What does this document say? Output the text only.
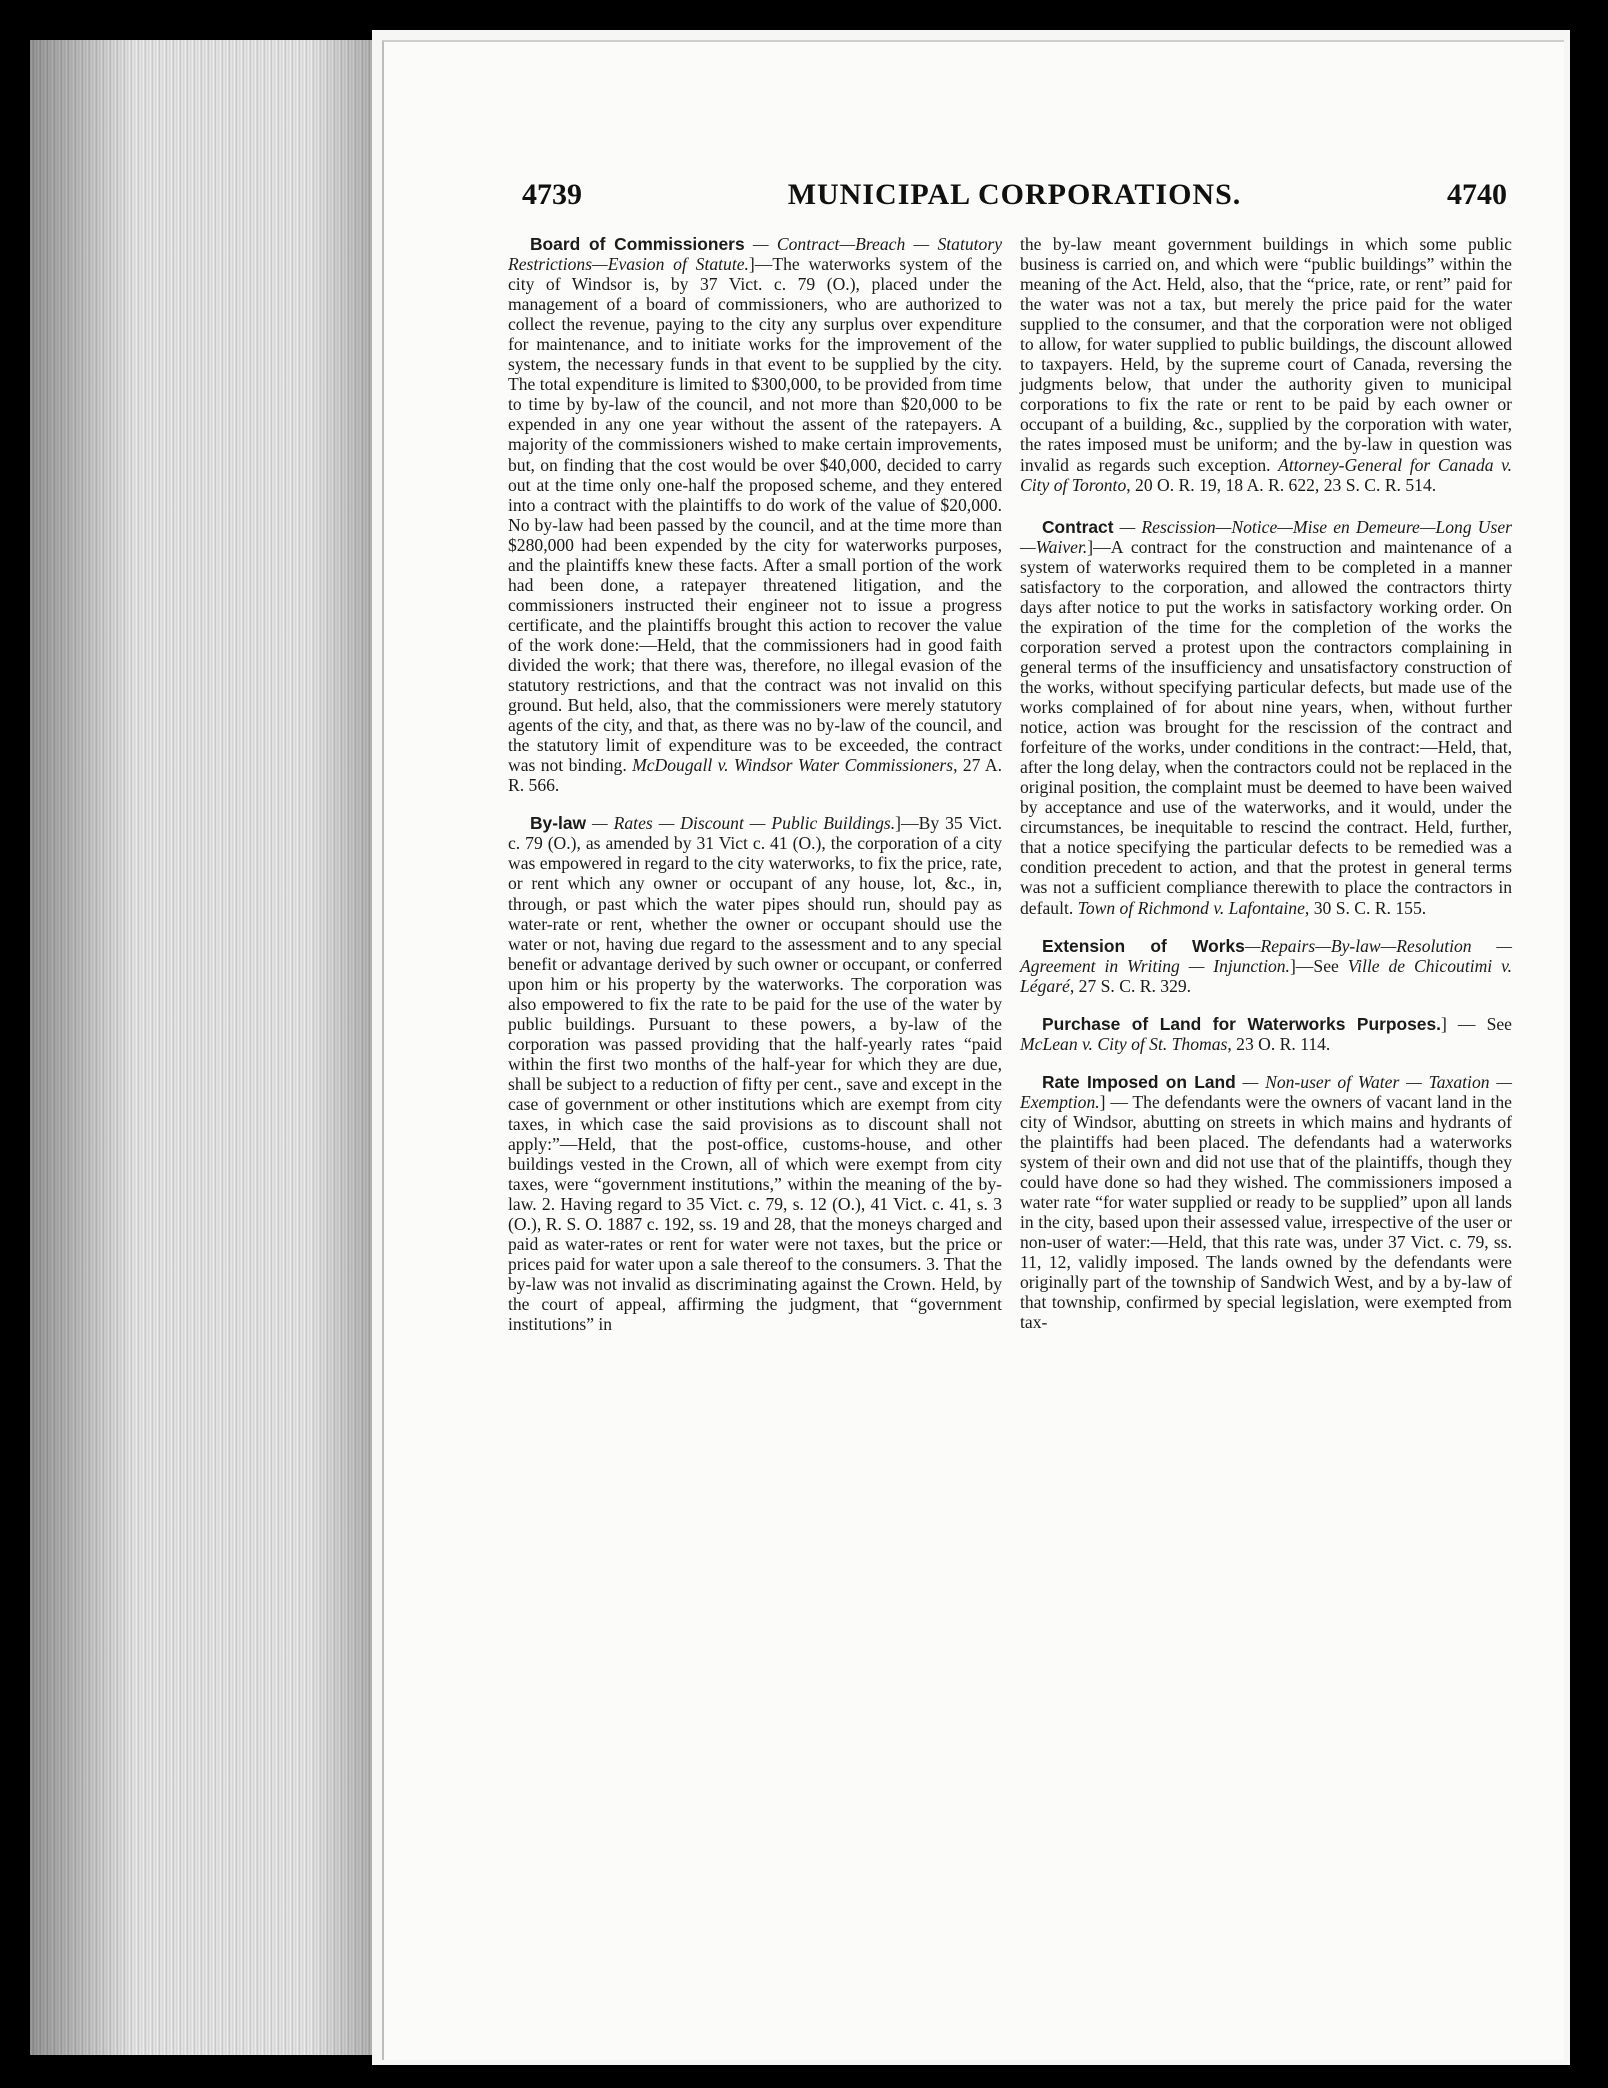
4739	MUNICIPAL CORPORATIONS.	4740

Board of Commissioners — Contract—Breach — Statutory Restrictions—Evasion of Statute.]—The waterworks system of the city of Windsor is, by 37 Vict. c. 79 (O.), placed under the management of a board of commissioners, who are authorized to collect the revenue, paying to the city any surplus over expenditure for maintenance, and to initiate works for the improvement of the system, the necessary funds in that event to be supplied by the city. The total expenditure is limited to $300,000, to be provided from time to time by by-law of the council, and not more than $20,000 to be expended in any one year without the assent of the ratepayers. A majority of the commissioners wished to make certain improvements, but, on finding that the cost would be over $40,000, decided to carry out at the time only one-half the proposed scheme, and they entered into a contract with the plaintiffs to do work of the value of $20,000. No by-law had been passed by the council, and at the time more than $280,000 had been expended by the city for waterworks purposes, and the plaintiffs knew these facts. After a small portion of the work had been done, a ratepayer threatened litigation, and the commissioners instructed their engineer not to issue a progress certificate, and the plaintiffs brought this action to recover the value of the work done:—Held, that the commissioners had in good faith divided the work; that there was, therefore, no illegal evasion of the statutory restrictions, and that the contract was not invalid on this ground. But held, also, that the commissioners were merely statutory agents of the city, and that, as there was no by-law of the council, and the statutory limit of expenditure was to be exceeded, the contract was not binding. McDougall v. Windsor Water Commissioners, 27 A. R. 566.

By-law — Rates — Discount — Public Buildings.]—By 35 Vict. c. 79 (O.), as amended by 31 Vict c. 41 (O.), the corporation of a city was empowered in regard to the city waterworks, to fix the price, rate, or rent which any owner or occupant of any house, lot, &c., in, through, or past which the water pipes should run, should pay as water-rate or rent, whether the owner or occupant should use the water or not, having due regard to the assessment and to any special benefit or advantage derived by such owner or occupant, or conferred upon him or his property by the waterworks. The corporation was also empowered to fix the rate to be paid for the use of the water by public buildings. Pursuant to these powers, a by-law of the corporation was passed providing that the half-yearly rates “paid within the first two months of the half-year for which they are due, shall be subject to a reduction of fifty per cent., save and except in the case of government or other institutions which are exempt from city taxes, in which case the said provisions as to discount shall not apply:”—Held, that the post-office, customs-house, and other buildings vested in the Crown, all of which were exempt from city taxes, were “government institutions,” within the meaning of the by-law. 2. Having regard to 35 Vict. c. 79, s. 12 (O.), 41 Vict. c. 41, s. 3 (O.), R. S. O. 1887 c. 192, ss. 19 and 28, that the moneys charged and paid as water-rates or rent for water were not taxes, but the price or prices paid for water upon a sale thereof to the consumers. 3. That the by-law was not invalid as discriminating against the Crown. Held, by the court of appeal, affirming the judgment, that “government institutions” in

the by-law meant government buildings in which some public business is carried on, and which were “public buildings” within the meaning of the Act. Held, also, that the “price, rate, or rent” paid for the water was not a tax, but merely the price paid for the water supplied to the consumer, and that the corporation were not obliged to allow, for water supplied to public buildings, the discount allowed to taxpayers. Held, by the supreme court of Canada, reversing the judgments below, that under the authority given to municipal corporations to fix the rate or rent to be paid by each owner or occupant of a building, &c., supplied by the corporation with water, the rates imposed must be uniform; and the by-law in question was invalid as regards such exception. Attorney-General for Canada v. City of Toronto, 20 O. R. 19, 18 A. R. 622, 23 S. C. R. 514.

Contract — Rescission—Notice—Mise en Demeure—Long User—Waiver.]—A contract for the construction and maintenance of a system of waterworks required them to be completed in a manner satisfactory to the corporation, and allowed the contractors thirty days after notice to put the works in satisfactory working order. On the expiration of the time for the completion of the works the corporation served a protest upon the contractors complaining in general terms of the insufficiency and unsatisfactory construction of the works, without specifying particular defects, but made use of the works complained of for about nine years, when, without further notice, action was brought for the rescission of the contract and forfeiture of the works, under conditions in the contract:—Held, that, after the long delay, when the contractors could not be replaced in the original position, the complaint must be deemed to have been waived by acceptance and use of the waterworks, and it would, under the circumstances, be inequitable to rescind the contract. Held, further, that a notice specifying the particular defects to be remedied was a condition precedent to action, and that the protest in general terms was not a sufficient compliance therewith to place the contractors in default. Town of Richmond v. Lafontaine, 30 S. C. R. 155.

Extension of Works—Repairs—By-law—Resolution — Agreement in Writing — Injunction.]—See Ville de Chicoutimi v. Légaré, 27 S. C. R. 329.

Purchase of Land for Waterworks Purposes.] — See McLean v. City of St. Thomas, 23 O. R. 114.

Rate Imposed on Land — Non-user of Water — Taxation — Exemption.] — The defendants were the owners of vacant land in the city of Windsor, abutting on streets in which mains and hydrants of the plaintiffs had been placed. The defendants had a waterworks system of their own and did not use that of the plaintiffs, though they could have done so had they wished. The commissioners imposed a water rate “for water supplied or ready to be supplied” upon all lands in the city, based upon their assessed value, irrespective of the user or non-user of water:—Held, that this rate was, under 37 Vict. c. 79, ss. 11, 12, validly imposed. The lands owned by the defendants were originally part of the township of Sandwich West, and by a by-law of that township, confirmed by special legislation, were exempted from tax-
